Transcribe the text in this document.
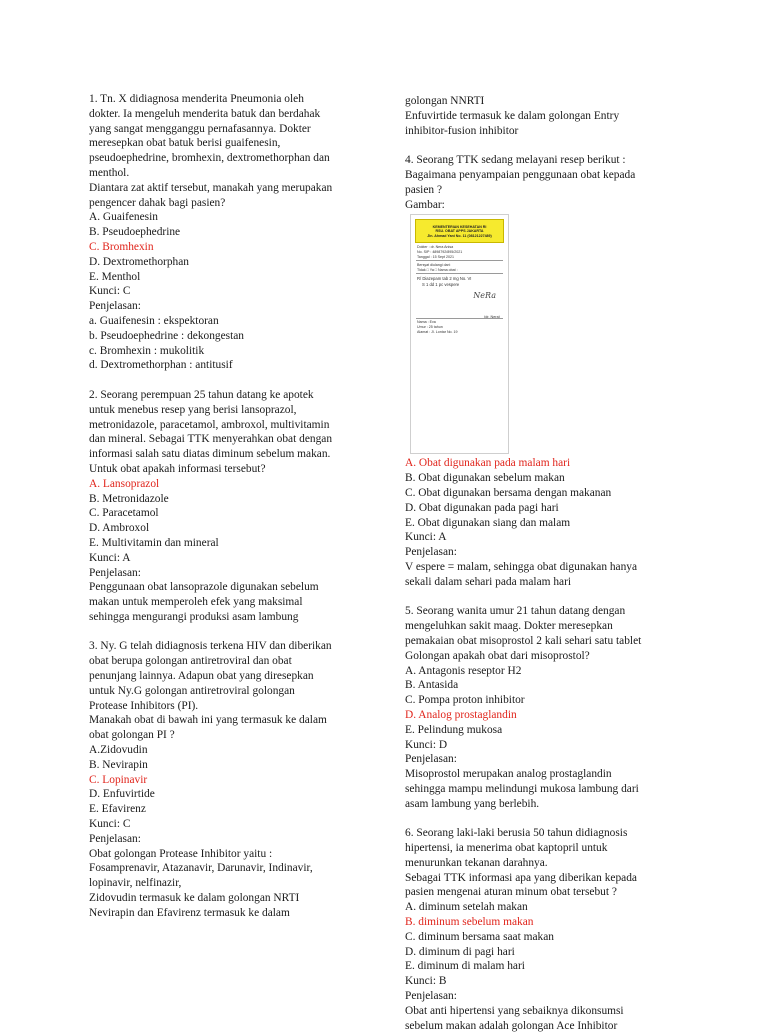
1. Tn. X didiagnosa menderita Pneumonia oleh

dokter. Ia mengeluh menderita batuk dan berdahak

yang sangat mengganggu pernafasannya. Dokter

meresepkan obat batuk berisi guaifenesin,

pseudoephedrine, bromhexin, dextromethorphan dan

menthol.

Diantara zat aktif tersebut, manakah yang merupakan

pengencer dahak bagi pasien?

A. Guaifenesin

B. Pseudoephedrine

C. Bromhexin

D. Dextromethorphan

E. Menthol

Kunci: C

Penjelasan:

a. Guaifenesin : ekspektoran

b. Pseudoephedrine : dekongestan

c. Bromhexin : mukolitik

d. Dextromethorphan : antitusif

2. Seorang perempuan 25 tahun datang ke apotek

untuk menebus resep yang berisi lansoprazol,

metronidazole, paracetamol, ambroxol, multivitamin

dan mineral. Sebagai TTK menyerahkan obat dengan

informasi salah satu diatas diminum sebelum makan.

Untuk obat apakah informasi tersebut?

A. Lansoprazol

B. Metronidazole

C. Paracetamol

D. Ambroxol

E. Multivitamin dan mineral

Kunci: A

Penjelasan:

Penggunaan obat lansoprazole digunakan sebelum

makan untuk memperoleh efek yang maksimal

sehingga mengurangi produksi asam lambung

3. Ny. G telah didiagnosis terkena HIV dan diberikan

obat berupa golongan antiretroviral dan obat

penunjang lainnya. Adapun obat yang diresepkan

untuk Ny.G golongan antiretroviral golongan

Protease Inhibitors (PI).

Manakah obat di bawah ini yang termasuk ke dalam

obat golongan PI ?

A.Zidovudin

B. Nevirapin

C. Lopinavir

D. Enfuvirtide

E. Efavirenz

Kunci: C

Penjelasan:

Obat golongan Protease Inhibitor yaitu :

Fosamprenavir, Atazanavir, Darunavir, Indinavir,

lopinavir, nelfinazir,

Zidovudin termasuk ke dalam golongan NRTI

Nevirapin dan Efavirenz termasuk ke dalam

golongan NNRTI

Enfuvirtide termasuk ke dalam golongan Entry

inhibitor-fusion inhibitor

4. Seorang TTK sedang melayani resep berikut :

Bagaimana penyampaian penggunaan obat kepada

pasien ?

Gambar:

KEMENTERIAN KESEHATAN RI
RSU. OBAT APPS JAKARTA
Jln. Ahmad Yani No. 11 (08121227489)
Dokter : dr. Nera Anisa
No. SIP : 4898792/895/2021
Tanggal : 15 Sept 2021
Bersyat diulangi dari:
Tidak □ Ya □ Nama obat :
R/ Diazepam tab 2 mg No. VI
S 1 dd 1 pc vespere
NeRa
(dr. Nera)
Nama : Eva
Umur : 25 tahun
Alamat : Jl. Lontar No. 19

A. Obat digunakan pada malam hari

B. Obat digunakan sebelum makan

C. Obat digunakan bersama dengan makanan

D. Obat digunakan pada pagi hari

E. Obat digunakan siang dan malam

Kunci: A

Penjelasan:

V espere = malam, sehingga obat digunakan hanya

sekali dalam sehari pada malam hari

5. Seorang wanita umur 21 tahun datang dengan

mengeluhkan sakit maag. Dokter meresepkan

pemakaian obat misoprostol 2 kali sehari satu tablet

Golongan apakah obat dari misoprostol?

A. Antagonis reseptor H2

B. Antasida

C. Pompa proton inhibitor

D. Analog prostaglandin

E. Pelindung mukosa

Kunci: D

Penjelasan:

Misoprostol merupakan analog prostaglandin

sehingga mampu melindungi mukosa lambung dari

asam lambung yang berlebih.

6. Seorang laki-laki berusia 50 tahun didiagnosis

hipertensi, ia menerima obat kaptopril untuk

menurunkan tekanan darahnya.

Sebagai TTK informasi apa yang diberikan kepada

pasien mengenai aturan minum obat tersebut ?

A. diminum setelah makan

B. diminum sebelum makan

C. diminum bersama saat makan

D. diminum di pagi hari

E. diminum di malam hari

Kunci: B

Penjelasan:

Obat anti hipertensi yang sebaiknya dikonsumsi

sebelum makan adalah golongan Ace Inhibitor
